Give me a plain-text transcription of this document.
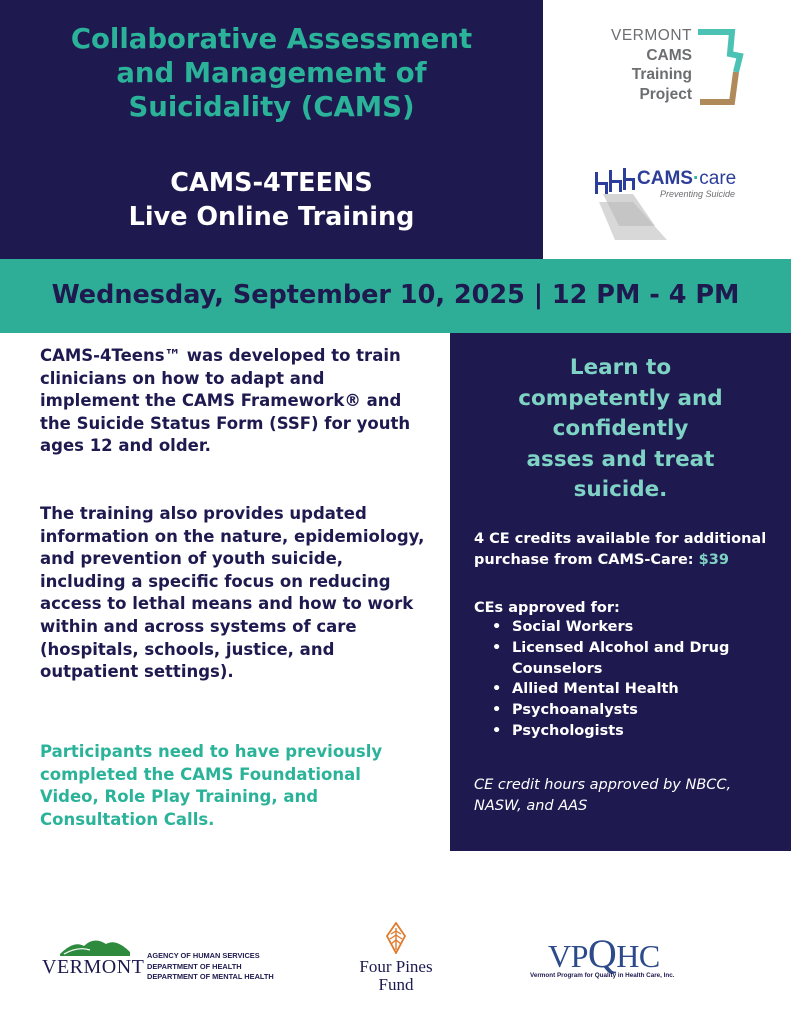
Collaborative Assessment
and Management of
Suicidality (CAMS)
CAMS-4TEENS
Live Online Training
VERMONT
CAMS
Training
Project
CAMS·care
Preventing Suicide
Wednesday, September 10, 2025 | 12 PM - 4 PM
CAMS-4Teens™ was developed to train
clinicians on how to adapt and
implement the CAMS Framework® and
the Suicide Status Form (SSF) for youth
ages 12 and older.
The training also provides updated
information on the nature, epidemiology,
and prevention of youth suicide,
including a specific focus on reducing
access to lethal means and how to work
within and across systems of care
(hospitals, schools, justice, and
outpatient settings).
Participants need to have previously
completed the CAMS Foundational
Video, Role Play Training, and
Consultation Calls.
Learn to
competently and
confidently
asses and treat
suicide.
4 CE credits available for additional purchase from CAMS-Care: $39
CEs approved for:
• Social Workers
• Licensed Alcohol and Drug Counselors
• Allied Mental Health
• Psychoanalysts
• Psychologists
CE credit hours approved by NBCC,
NASW, and AAS
VERMONT
AGENCY OF HUMAN SERVICES
DEPARTMENT OF HEALTH
DEPARTMENT OF MENTAL HEALTH
Four Pines
Fund
VPQHC
Vermont Program for Quality in Health Care, Inc.
